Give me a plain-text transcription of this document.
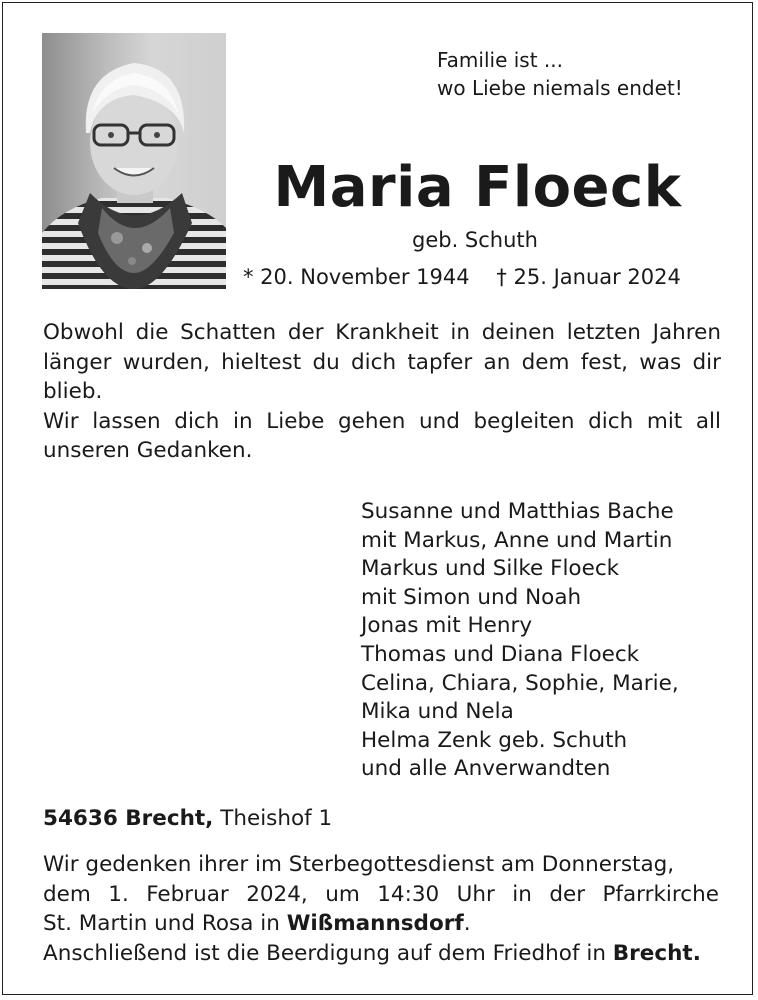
Familie ist ...
wo Liebe niemals endet!
Maria Floeck
geb. Schuth
* 20. November 1944 † 25. Januar 2024

Obwohl die Schatten der Krankheit in deinen letzten Jahren länger wurden, hieltest du dich tapfer an dem fest, was dir blieb.

Wir lassen dich in Liebe gehen und begleiten dich mit all unseren Gedanken.

Susanne und Matthias Bache
mit Markus, Anne und Martin
Markus und Silke Floeck
mit Simon und Noah
Jonas mit Henry
Thomas und Diana Floeck
Celina, Chiara, Sophie, Marie,
Mika und Nela
Helma Zenk geb. Schuth
und alle Anverwandten
54636 Brecht, Theishof 1
Wir gedenken ihrer im Sterbegottesdienst am Donnerstag,
dem 1. Februar 2024, um 14:30 Uhr in der Pfarrkirche
St. Martin und Rosa in Wißmannsdorf.
Anschließend ist die Beerdigung auf dem Friedhof in Brecht.
